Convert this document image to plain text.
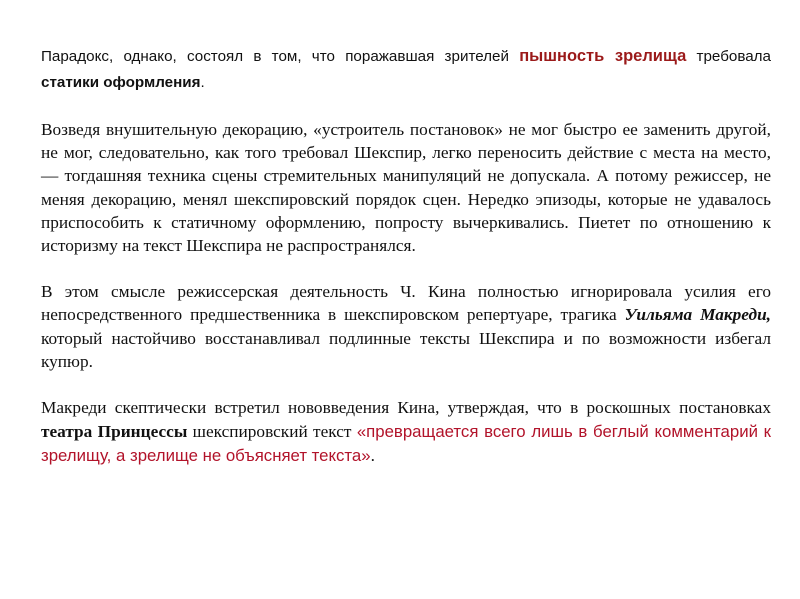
Парадокс, однако, состоял в том, что поражавшая зрителей пышность зрелища требовала статики оформления.

Возведя внушительную декорацию, «устроитель постановок» не мог быстро ее заменить другой, не мог, следовательно, как того требовал Шекспир, легко переносить действие с места на место, — тогдашняя техника сцены стремительных манипуляций не допускала. А потому режиссер, не меняя декорацию, менял шекспировский порядок сцен. Нередко эпизоды, которые не удавалось приспособить к статичному оформлению, попросту вычеркивались. Пиетет по отношению к историзму на текст Шекспира не распространялся.

В этом смысле режиссерская деятельность Ч. Кина полностью игнорировала усилия его непосредственного предшественника в шекспировском репертуаре, трагика Уильяма Макреди, который настойчиво восстанавливал подлинные тексты Шекспира и по возможности избегал купюр.

Макреди скептически встретил нововведения Кина, утверждая, что в роскошных постановках театра Принцессы шекспировский текст «превращается всего лишь в беглый комментарий к зрелищу, а зрелище не объясняет текста».
